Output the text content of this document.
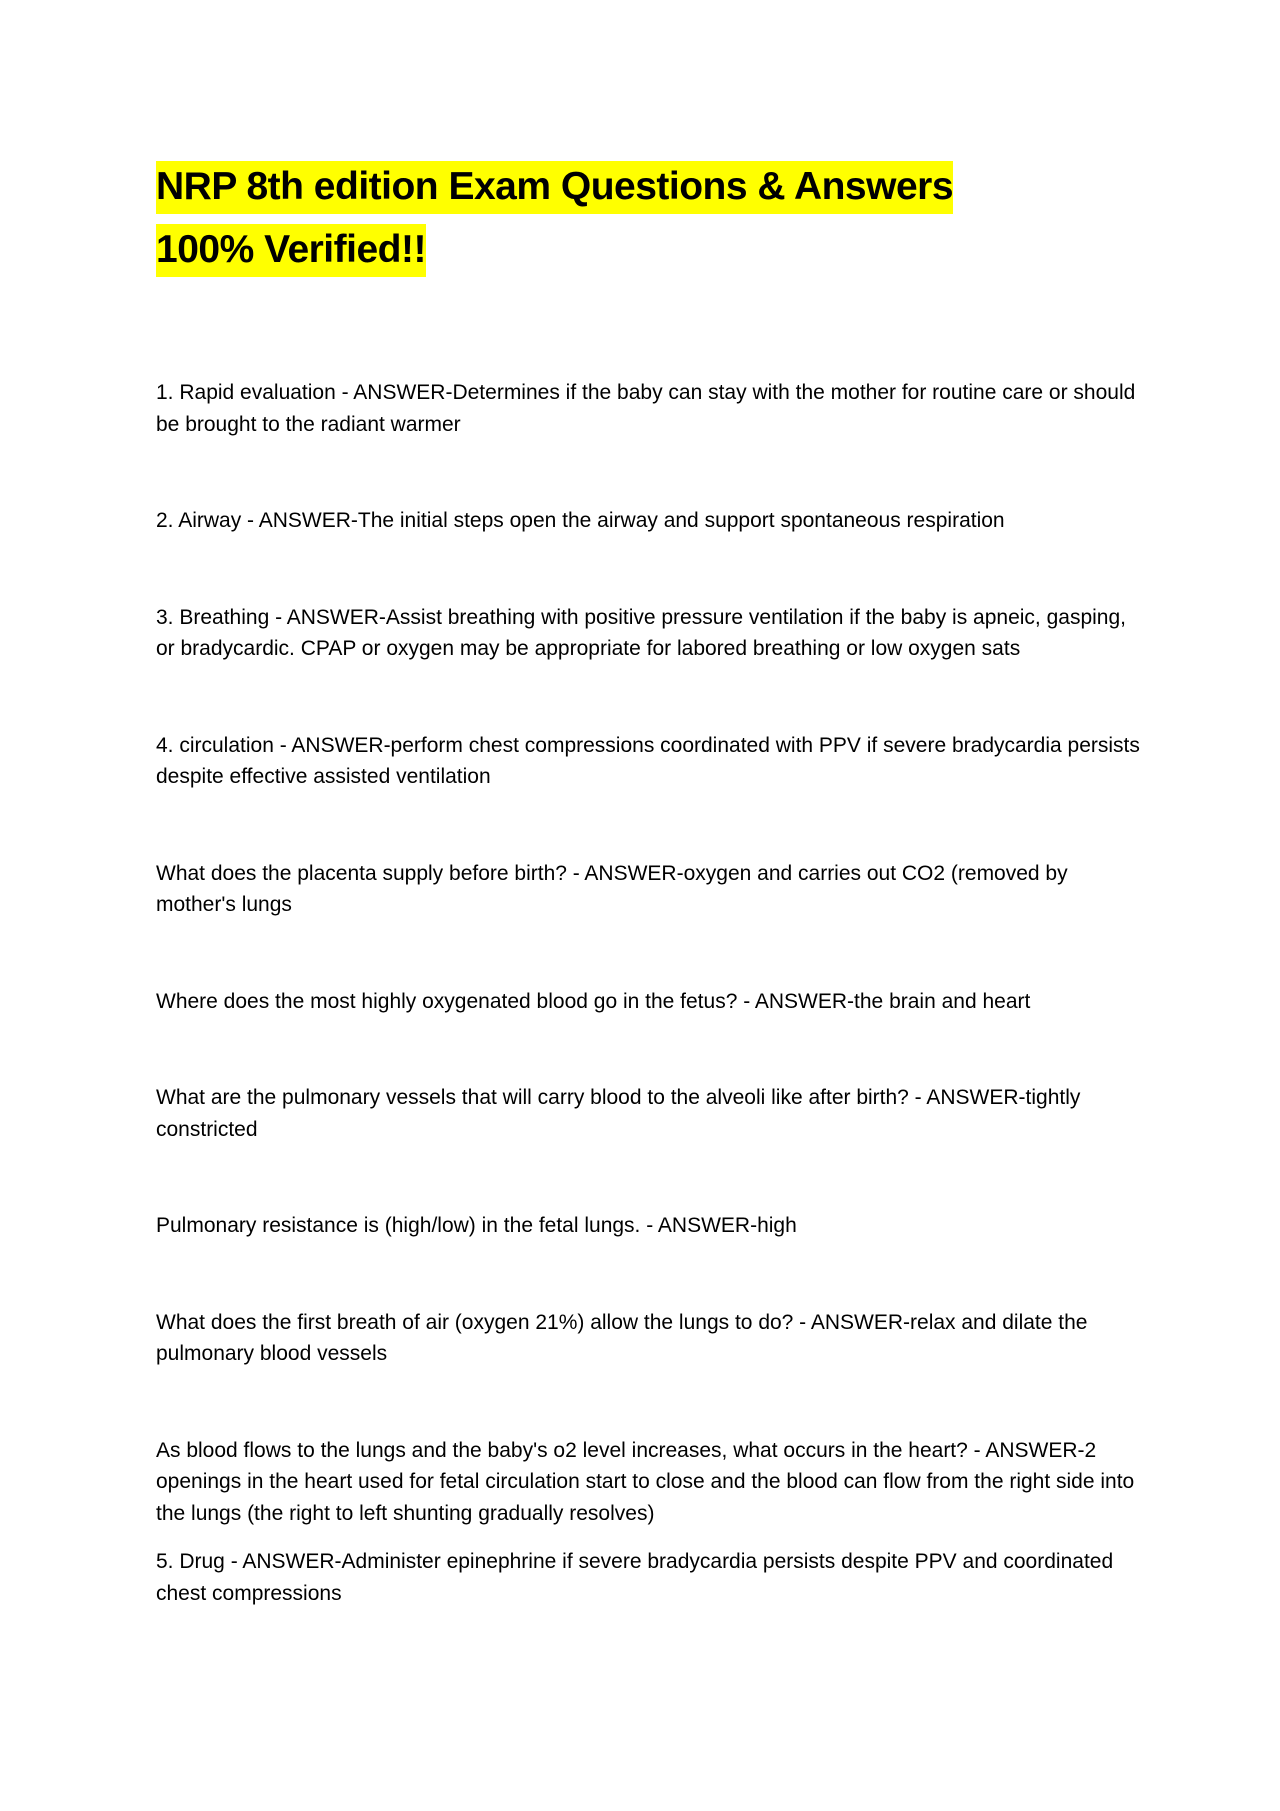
NRP 8th edition Exam Questions & Answers
100% Verified!!

1. Rapid evaluation - ANSWER-Determines if the baby can stay with the mother for routine care or should be brought to the radiant warmer

2. Airway - ANSWER-The initial steps open the airway and support spontaneous respiration

3. Breathing - ANSWER-Assist breathing with positive pressure ventilation if the baby is apneic, gasping, or bradycardic. CPAP or oxygen may be appropriate for labored breathing or low oxygen sats

4. circulation - ANSWER-perform chest compressions coordinated with PPV if severe bradycardia persists despite effective assisted ventilation

What does the placenta supply before birth? - ANSWER-oxygen and carries out CO2 (removed by mother's lungs

Where does the most highly oxygenated blood go in the fetus? - ANSWER-the brain and heart

What are the pulmonary vessels that will carry blood to the alveoli like after birth? - ANSWER-tightly constricted

Pulmonary resistance is (high/low) in the fetal lungs. - ANSWER-high

What does the first breath of air (oxygen 21%) allow the lungs to do? - ANSWER-relax and dilate the pulmonary blood vessels

As blood flows to the lungs and the baby's o2 level increases, what occurs in the heart? - ANSWER-2 openings in the heart used for fetal circulation start to close and the blood can flow from the right side into the lungs (the right to left shunting gradually resolves)

5. Drug - ANSWER-Administer epinephrine if severe bradycardia persists despite PPV and coordinated chest compressions
